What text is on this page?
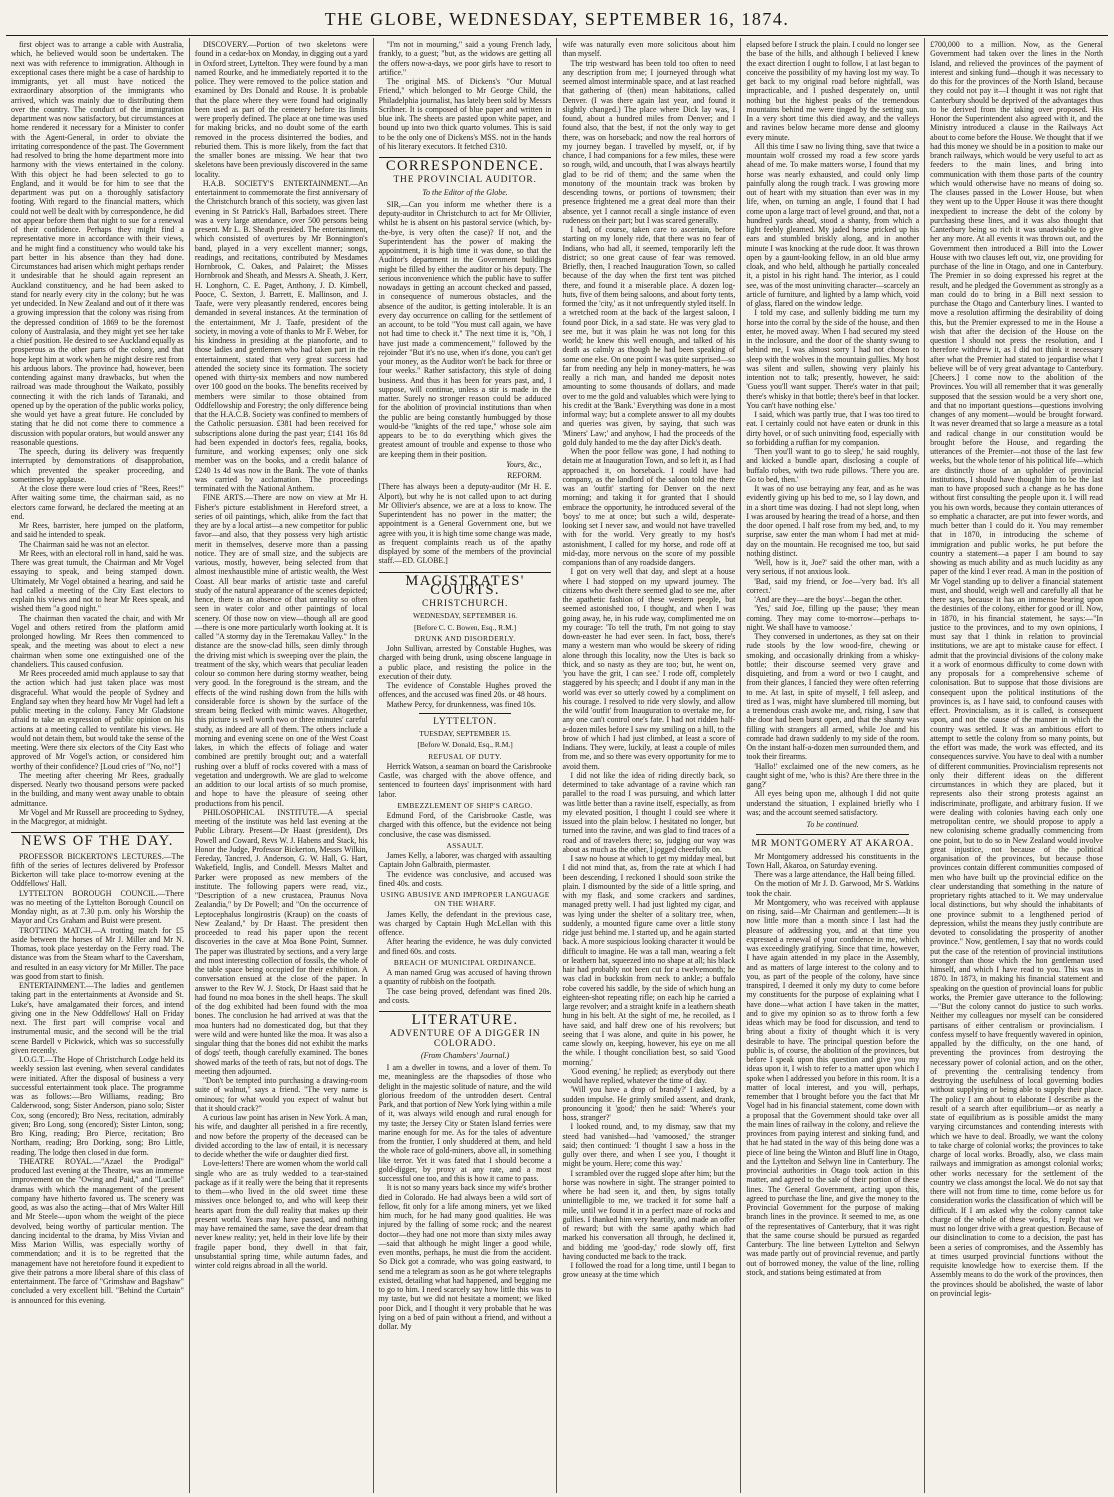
THE GLOBE, WEDNESDAY, SEPTEMBER 16, 1874.

first object was to arrange a cable with Australia, which, he believed would soon be undertaken. The next was with reference to immigration. Although in exceptional cases there might be a case of hardship to immigrants, yet all must have noticed the extraordinary absorption of the immigrants who arrived, which was mainly due to distributing them over the country. The conduct of the immigration department was now satisfactory, but circumstances at home rendered it necessary for a Minister to confer with the Agent-General, in order to obviate the irritating correspondence of the past. The Government had resolved to bring the home department more into harmony with the views entertained in the colony. With this object he had been selected to go to England, and it would be for him to see that the department was put on a thoroughly satisfactory footing. With regard to the financial matters, which could not well be dealt with by correspondence, he did not appear before them that night to sue for a renewal of their confidence. Perhaps they might find a representative more in accordance with their views, and he might find a constituency who would take his part better in his absence than they had done. Circumstances had arisen which might perhaps render it undesirable that he should again represent an Auckland constituency, and he had been asked to stand for nearly every city in the colony; but he was yet undecided. In New Zealand and out of it there was a growing impression that the colony was rising from the depressed condition of 1869 to be the foremost colony of Australasia, and they might yet see her take a chief position. He desired to see Auckland equally as prosperous as the other parts of the colony, and that hope kept him at work when he might desire rest from his arduous labors. The province had, however, been contending against many drawbacks, but when the railroad was made throughout the Waikato, possibly connecting it with the rich lands of Taranaki, and opened up by the operation of the public works policy, she would yet have a great future. He concluded by stating that he did not come there to commence a discussion with popular orators, but would answer any reasonable questions.

The speech, during its delivery was frequently interrupted by demonstrations of disapprobation, which prevented the speaker proceeding, and sometimes by applause.

At the close there were loud cries of "Rees, Rees!" After waiting some time, the chairman said, as no electors came forward, he declared the meeting at an end.

Mr Rees, barrister, here jumped on the platform, and said he intended to speak.

The Chairman said he was not an elector.

Mr Rees, with an electoral roll in hand, said he was. There was great tumult, the Chairman and Mr Vogel essaying to speak, and being stamped down. Ultimately, Mr Vogel obtained a hearing, and said he had called a meeting of the City East electors to explain his views and not to hear Mr Rees speak, and wished them "a good night."

The chairman then vacated the chair, and with Mr Vogel and others retired from the platform amid prolonged howling. Mr Rees then commenced to speak, and the meeting was about to elect a new chairman when some one extinguished one of the chandeliers. This caused confusion.

Mr Rees proceeded amid much applause to say that the action which had just taken place was most disgraceful. What would the people of Sydney and England say when they heard how Mr Vogel had left a public meeting in the colony. Fancy Mr Gladstone afraid to take an expression of public opinion on his actions at a meeting called to ventilate his views. He would not detain them, but would take the sense of the meeting. Were there six electors of the City East who approved of Mr Vogel's action, or considered him worthy of their confidence? [Loud cries of "No, no!"]

The meeting after cheering Mr Rees, gradually dispersed. Nearly two thousand persons were packed in the building, and many went away unable to obtain admittance.

Mr Vogel and Mr Russell are proceeding to Sydney, in the Macgregor, at midnight.

NEWS OF THE DAY.

PROFESSOR BICKERTON'S LECTURES.—The fifth of the series of lectures delivered by Professor Bickerton will take place to-morrow evening at the Oddfellows' Hall.

LYTTELTON BOROUGH COUNCIL.—There was no meeting of the Lyttelton Borough Council on Monday night, as at 7.30 p.m. only his Worship the Mayor and Crs Graham and Buist were present.

TROTTING MATCH.—A trotting match for £5 aside between the horses of Mr J. Miller and Mr N. Thomas, took place yesterday on the Ferry road. The distance was from the Steam wharf to the Caversham, and resulted in an easy victory for Mr Miller. The pace was good from start to finish.

ENTERTAINMENT.—The ladies and gentlemen taking part in the entertainments at Avonside and St. Luke's, have amalgamated their forces, and intend giving one in the New Oddfellows' Hall on Friday next. The first part will comprise vocal and instrumental music, and the second will be the trial scene Bardell v Pickwick, which was so successfully given recently.

I.O.G.T.—The Hope of Christchurch Lodge held its weekly session last evening, when several candidates were initiated. After the disposal of business a very successful entertainment took place. The programme was as follows:—Bro Williams, reading; Bro Calderwood, song; Sister Anderson, piano solo; Sister Cox, song (encored); Bro Ness, recitation, admirably given; Bro Long, song (encored); Sister Linton, song; Bro King, reading; Bro Pierce, recitation; Bro Northam, reading; Bro Dorking, song; Bro Little, reading. The lodge then closed in due form.

THEATRE ROYAL.—"Azael the Prodigal" produced last evening at the Theatre, was an immense improvement on the "Owing and Paid," and "Lucille" dramas with which the management of the present company have hitherto favored us. The scenery was good, as was also the acting—that of Mrs Walter Hill and Mr Steele—upon whom the weight of the piece devolved, being worthy of particular mention. The dancing incidental to the drama, by Miss Vivian and Miss Marion Willis, was especially worthy of commendation; and it is to be regretted that the management have not heretofore found it expedient to give their patrons a more liberal share of this class of entertainment. The farce of "Grimshaw and Bagshaw" concluded a very excellent bill. "Behind the Curtain" is announced for this evening.

DISCOVERY.—Portion of two skeletons were found in a cedar-box on Monday, in digging out a yard in Oxford street, Lyttelton. They were found by a man named Rourke, and he immediately reported it to the police. They were removed to the police station and examined by Drs Donald and Rouse. It is probable that the place where they were found had originally been used as part of the cemetery before its limits were properly defined. The place at one time was used for making bricks, and no doubt some of the earth removed in the process disinterred the bodies, and reburied them. This is more likely, from the fact that the smaller bones are missing. We hear that two skeletons have been previously discovered in the same locality.

H.A.B. SOCIETY'S ENTERTAINMENT.—An entertainment to commemorate the first anniversary of the Christchurch branch of this society, was given last evening in St Patrick's Hall, Barbadoes street. There was a very large attendance, over 500 persons being present. Mr L. B. Sheath presided. The entertainment, which consisted of overtures by Mr Bonnington's band, played in a very excellent manner; songs, readings, and recitations, contributed by Mesdames Hornbrook, C. Oakes, and Palairet; the Misses Hornbrook and Sheath, and Messrs A. Sheath, J. Kerr, H. Longhorn, C. E. Paget, Anthony, J. D. Kimbell, Pooce, C. Sexton, J. Barrett, E. Mallinson, and J. Taafe, were very pleasantly rendered, encores being demanded in several instances. At the termination of the entertainment, Mr J. Taafe, president of the society, in moving a vote of thanks to Mr F. Weber, for his kindness in presiding at the pianoforte, and to those ladies and gentlemen who had taken part in the entertainment, stated that very great success had attended the society since its formation. The society opened with thirty-six members and now numbered over 100 good on the books. The benefits received by members were similar to those obtained from Oddfellowship and Forestry; the only difference being that the H.A.C.B. Society was confined to members of the Catholic persuasion. £381 had been received for subscriptions alone during the past year; £141 16s 8d had been expended in doctor's fees, regalia, books, furniture, and working expenses; only one sick member was on the books, and a credit balance of £240 1s 4d was now in the Bank. The vote of thanks was carried by acclamation. The proceedings terminated with the National Anthem.

FINE ARTS.—There are now on view at Mr H. Fisher's picture establishment in Hereford street, a series of oil paintings, which, alike from the fact that they are by a local artist—a new competitor for public favor—and also, that they possess very high artistic merit in themselves, deserve more than a passing notice. They are of small size, and the subjects are various, mostly, however, being selected from that almost inexhaustible mine of artistic wealth, the West Coast. All bear marks of artistic taste and careful study of the natural appearance of the scenes depicted; hence, there is an absence of that unreality so often seen in water color and other paintings of local scenery. Of those now on view—though all are good—there is one more particularly worth looking at. It is called "A stormy day in the Teremakau Valley." In the distance are the snow-clad hills, seen dimly through the driving mist which is sweeping over the plain, the treatment of the sky, which wears that peculiar leaden colour so common here during stormy weather, being very good. In the foreground is the stream, and the effects of the wind rushing down from the hills with considerable force is shown by the surface of the stream being flecked with mimic waves. Altogether, this picture is well worth two or three minutes' careful study, as indeed are all of them. The others include a morning and evening scene on one of the West Coast lakes, in which the effects of foliage and water combined are prettily brought out; and a waterfall rushing over a bluff of rocks covered with a mass of vegetation and undergrowth. We are glad to welcome an addition to our local artists of so much promise, and hope to have the pleasure of seeing other productions from his pencil.

PHILOSOPHICAL INSTITUTE.—A special meeting of the institute was held last evening at the Public Library. Present—Dr Haast (president), Drs Powell and Coward, Revs W. J. Habens and Stack, his Honor the Judge, Professor Bickerton, Messrs Wilkin, Fereday, Tancred, J. Anderson, G. W. Hall, G. Hart, Wakefield, Inglis, and Condell. Messrs Maltet and Parker were proposed as new members of the institute. The following papers were read, viz., "Description of a new crustacea, Praunus Nova Zealandia," by Dr Powell; and "On the occurrence of Leptocephalus longirostris (Kraup) on the coasts of New Zealand," by Dr Haast. The president then proceeded to read his paper upon the recent discoveries in the cave at Moa Bone Point, Sumner. The paper was illustrated by sections, and a very large and most interesting collection of fossils, the whole of the table space being occupied for their exhibition. A conversation ensued at the close of the paper. In answer to the Rev W. J. Stock, Dr Haast said that he had found no moa bones in the shell heaps. The skull of the dog exhibited had been found with the moa bones. The conclusion he had arrived at was that the moa hunters had no domesticated dog, but that they were wild and were hunted like the moa. It was also a singular thing that the bones did not exhibit the marks of dogs' teeth, though carefully examined. The bones showed marks of the teeth of rats, but not of dogs. The meeting then adjourned.

"Don't be tempted into purchasing a drawing-room suite of walnut," says a friend. "The very name is ominous; for what would you expect of walnut but that it should crack?"

A curious law point has arisen in New York. A man, his wife, and daughter all perished in a fire recently, and now before the property of the deceased can be divided according to the law of entail, it is necessary to decide whether the wife or daughter died first.

Love-letters! There are women whom the world call single who are as truly wedded to a tear-stained package as if it really were the being that it represents to them—who lived in the old sweet time these missives once belonged to, and who will keep their hearts apart from the dull reality that makes up their present world. Years may have passed, and nothing may have remained the same, save the dear dream that never knew reality; yet, held in their love life by their fragile paper bond, they dwell in that fair, unsubstantial spring time, while autumn fades, and winter cold reigns abroad in all the world.

"I'm not in mourning," said a young French lady, frankly, to a guest; "but, as the widows are getting all the offers now-a-days, we poor girls have to resort to artifice."

The original MS. of Dickens's "Our Mutual Friend," which belonged to Mr George Child, the Philadelphia journalist, has lately been sold by Messrs Scribner. It is composed of blue paper and written in blue ink. The sheets are pasted upon white paper, and bound up into two thick quarto volumes. This is said to be the only one of Dickens's MSS. not in the hands of his literary executors. It fetched £310.

CORRESPONDENCE.
THE PROVINCIAL AUDITOR.
To the Editor of the Globe.

SIR,—Can you inform me whether there is a deputy-auditor in Christchurch to act for Mr Ollivier, whilst he is absent on his pastoral service (which, by-the-bye, is very often the case)? If not, and the Superintendent has the power of making the appointment, it is high time it was done, so that the Auditor's department in the Government buildings might be filled by either the auditor or his deputy. The serious inconvenience which the public have to suffer nowadays in getting an account checked and passed, in consequence of numerous obstacles, and the absence of the auditor, is getting intolerable. It is an every day occurrence on calling for the settlement of an account, to be told "You must call again, we have not had time to check it." The next time it is, "Oh, I have just made a commencement," followed by the rejoinder "But it's no use, when it's done, you can't get your money, as the Auditor won't be back for three or four weeks." Rather satisfactory, this style of doing business. And thus it has been for years past, and, I suppose, will continue, unless a stir is made in the matter. Surely no stronger reason could be adduced for the abolition of provincial institutions than when the public are being constantly humbugged by those would-be "knights of the red tape," whose sole aim appears to be to do everything which gives the greatest amount of trouble and expense to those who are keeping them in their position.

Yours, &c.,
REFORM.

[There has always been a deputy-auditor (Mr H. E. Alport), but why he is not called upon to act during Mr Ollivier's absence, we are at a loss to know. The Superintendent has no power in the matter; the appointment is a General Government one, but we agree with you, it is high time some change was made, as frequent complaints reach us of the apathy displayed by some of the members of the provincial staff.—ED. GLOBE.]

MAGISTRATES' COURTS.
CHRISTCHURCH.
WEDNESDAY, SEPTEMBER 16.
[Before C. C. Bowen, Esq., R.M.]
DRUNK AND DISORDERLY.

John Sullivan, arrested by Constable Hughes, was charged with being drunk, using obscene language in a public place, and resisting the police in the execution of their duty.

The evidence of Constable Hughes proved the offences, and the accused was fined 20s. or 48 hours.

Mathew Percy, for drunkenness, was fined 10s.

LYTTELTON.
TUESDAY, SEPTEMBER 15.
[Before W. Donald, Esq., R.M.]
REFUSAL OF DUTY.

Herrick Watson, a seaman on board the Carisbrooke Castle, was charged with the above offence, and sentenced to fourteen days' imprisonment with hard labor.

EMBEZZLEMENT OF SHIP'S CARGO.

Edmund Ford, of the Carisbrooke Castle, was charged with this offence, but the evidence not being conclusive, the case was dismissed.

ASSAULT.

James Kelly, a laborer, was charged with assaulting Captain John Galbraith, piermaster.

The evidence was conclusive, and accused was fined 40s. and costs.

USING ABUSIVE AND IMPROPER LANGUAGE ON THE WHARF.

James Kelly, the defendant in the previous case, was charged by Captain Hugh McLellan with this offence.

After hearing the evidence, he was duly convicted and fined 60s. and costs.

BREACH OF MUNICIPAL ORDINANCE.

A man named Grug was accused of having thrown a quantity of rubbish on the footpath.

The case being proved, defendant was fined 20s. and costs.

LITERATURE.
ADVENTURE OF A DIGGER IN COLORADO.
(From Chambers' Journal.)

I am a dweller in towns, and a lover of them. To me, meaningless are the rhapsodies of those who delight in the majestic solitude of nature, and the wild glorious freedom of the untrodden desert. Central Park, and that portion of New York lying within a mile of it, was always wild enough and rural enough for my taste; the Jersey City or Staten Island ferries were marine enough for me. As for the tales of adventure from the frontier, I only shuddered at them, and held the whole race of gold-miners, above all, in something like terror. Yet it was fated that I should become a gold-digger, by proxy at any rate, and a most successful one too, and this is how it came to pass.

It is not so many years back since my wife's brother died in Colorado. He had always been a wild sort of fellow, fit only for a life among miners, yet we liked him much, for he had many good qualities. He was injured by the falling of some rock; and the nearest doctor—they had one not more than sixty miles away—said that although he might linger a good while, even months, perhaps, he must die from the accident. So Dick got a comrade, who was going eastward, to send me a telegram as soon as he got where telegraphs existed, detailing what had happened, and begging me to go to him. I need scarcely say how little this was to my taste, but we did not hesitate a moment; we liked poor Dick, and I thought it very probable that he was lying on a bed of pain without a friend, and without a dollar. My

wife was naturally even more solicitous about him than myself.

The trip westward has been told too often to need any description from me; I journeyed through what seemed almost interminable space, and at last reached that gathering of (then) mean habitations, called Denver. (I was there again last year, and found it slightly changed.) The place where Dick lay was, I found, about a hundred miles from Denver; and I found also, that the best, if not the only way to get there, was on horseback; and now the real horrors of my journey began. I travelled by myself, or, if by chance, I had companions for a few miles, these were so rough, wild, and uncouth, that I was always heartily glad to be rid of them; and the same when the monotony of the mountain track was broken by descending towns, or portions of townsmen; their presence frightened me a great deal more than their absence, yet I cannot recall a single instance of even rudeness on their part; but I was scared generally.

I had, of course, taken care to ascertain, before starting on my lonely ride, that there was no fear of Indians, who had all, it seemed, temporarily left the district; so one great cause of fear was removed. Briefly, then, I reached Inauguration Town, so called because of the day when the first tent was pitched there, and found it a miserable place. A dozen log-huts, five of them being saloons, and about forty tents, formed the 'city,' as it not unfrequently styled itself. In a wretched room at the back of the largest saloon, I found poor Dick, in a sad state. He was very glad to see me, but it was plain he was not long for this world; he knew this well enough, and talked of his death as calmly as though he had been speaking of some one else. On one point I was quite surprised—so far from needing any help in money-matters, he was really a rich man, and handed me deposit notes amounting to some thousands of dollars, and made over to me the gold and valuables which were lying to his credit at the 'Bank.' Everything was done in a most informal way; but a complete answer to all my doubts and queries was given, by saying, that such was 'Miners' Law;' and anyhow, I had the proceeds of the gold duly handed to me the day after Dick's death.

When the poor fellow was gone, I had nothing to detain me at Inauguration Town, and so left it, as I had approached it, on horseback. I could have had company, as the landlord of the saloon told me there was an 'outfit' starting for Denver on the next morning; and taking it for granted that I should embrace the opportunity, he introduced several of the 'boys' to me at once; but such a wild, desperate-looking set I never saw, and would not have travelled with for the world. Very greatly to my host's astonishment, I called for my horse, and rode off at mid-day, more nervous on the score of my possible companions than of any roadside dangers.

I got on very well that day, and slept at a house where I had stopped on my upward journey. The citizens who dwelt there seemed glad to see me, after the apathetic fashion of these western people, but seemed astonished too, I thought, and when I was going away, he, in his rude way, complimented me on my courage: 'To tell the truth, I'm not going to stay down-easter he had ever seen. In fact, boss, there's many a western man who would be skeery of riding alone through this locality, now the Utes is back so thick, and so nasty as they are too; but, he went on, 'you have the grit, I can see.' I rode off, completely staggered by his speech; and I doubt if any man in the world was ever so utterly cowed by a compliment on his courage. I resolved to ride very slowly, and allow the wild 'outfit' from Inauguration to overtake me, for any one can't control one's fate. I had not ridden half-a-dozen miles before I saw my smiling on a hill, to the brow of which I had just climbed, at least a score of Indians. They were, luckily, at least a couple of miles from me, and so there was every opportunity for me to avoid them.

I did not like the idea of riding directly back, so determined to take advantage of a ravine which ran parallel to the road I was pursuing, and which latter was little better than a ravine itself, especially, as from my elevated position, I thought I could see where it issued into the plain below. I hesitated no longer, but turned into the ravine, and was glad to find traces of a road and of travelers there; so, judging our way was about as much as the other, I jogged cheerfully on.

I saw no house at which to get my midday meal, but I did not mind that, as, from the rate at which I had been descending, I reckoned I should soon strike the plain. I dismounted by the side of a little spring, and with my flask, and some crackers and sardines, managed pretty well. I had just lighted my cigar, and was lying under the shelter of a solitary tree, when, suddenly, a mounted figure came over a little stony ridge just behind me. I started up, and he again started back. A more suspicious looking character it would be difficult to imagine. He was a tall man, wearing a felt or leathern hat, squeezed into no shape at all; his black hair had probably not been cut for a twelvemonth; he was clad in buckskin from neck to ankle; a buffalo robe covered his saddle, by the side of which hung an eighteen-shot repeating rifle; on each hip he carried a large revolver; and a straight knife in a leathern sheath hung in his belt. At the sight of me, he recoiled, as I have said, and half drew one of his revolvers; but seeing that I was alone, and quite in his power, he came slowly on, keeping, however, his eye on me all the while. I thought conciliation best, so said 'Good morning.'

'Good evening,' he replied; as everybody out there would have replied, whatever the time of day.

'Will you have a drop of brandy?' I asked, by a sudden impulse. He grimly smiled assent, and drank, pronouncing it 'good;' then he said: 'Where's your hoss, stranger?'

I looked round, and, to my dismay, saw that my steed had vanished—had 'vamoosed,' the stranger said; then continued: 'I thought I saw a hoss in the gully over there, and when I see you, I thought it might be yourn. Here; come this way.'

I scrambled over the rugged slope after him; but the horse was nowhere in sight. The stranger pointed to where he had seen it, and then, by signs totally unintelligible to me, we tracked it for some half a mile, until we found it in a perfect maze of rocks and gullies. I thanked him very heartily, and made an offer of reward; but with the same apathy which had marked his conversation all through, he declined it, and bidding me 'good-day,' rode slowly off, first having conducted me back to the track.

I followed the road for a long time, until I began to grow uneasy at the time which

elapsed before I struck the plain. I could no longer see the base of the hills, and although I believed I knew the exact direction I ought to follow, I at last began to conceive the possibility of my having lost my way. To get back to my original road before nightfall, was impracticable, and I pushed desperately on, until nothing but the highest peaks of the tremendous mountains behind me were tinged by the setting sun. In a very short time this died away, and the valleys and ravines below became more dense and gloomy every minute.

All this time I saw no living thing, save that twice a mountain wolf crossed my road a few score yards ahead of me. To make matters worse, I found that my horse was nearly exhausted, and could only limp painfully along the rough track. I was growing more out of heart with my situation than ever was in my life, when, on turning an angle, I found that I had come upon a large tract of level ground, and that, not a hundred yards ahead, stood a shanty, from which a light feebly gleamed. My jaded horse pricked up his ears and stumbled briskly along, and in another minute I was knocking at the rude door. It was thrown open by a gaunt-looking fellow, in an old blue army cloak, and who held, although he partially concealed it, a pistol in his right hand. The interior, as I could see, was of the most uninviting character—scarcely an article of furniture, and lighted by a lamp which, void of glass, flared on the window ledge.

I told my case, and sullenly bidding me turn my horse into the corral by the side of the house, and then enter, he moved away. When I had secured my steed in the inclosure, and the door of the shanty swung to behind me, I was almost sorry I had not chosen to sleep with the wolves in the mountain gullies. My host was silent and sullen, showing very plainly his intention not to talk; presently, however, he said: 'Guess you'll want supper. There's water in that pail; there's whisky in that bottle; there's beef in that locker. You can't have nothing else.'

I said, which was partly true, that I was too tired to eat. I certainly could not have eaten or drunk in this dirty hovel, or of such uninviting food, especially with so forbidding a ruffian for my companion.

'Then you'll want to go to sleep,' he said roughly, and kicked a bundle apart, disclosing a couple of buffalo robes, with two rude pillows. 'There you are. Go to bed, then.'

It was of no use betraying any fear, and as he was evidently giving up his bed to me, so I lay down, and in a short time was dozing. I had not slept long, when I was aroused by hearing the tread of a horse, and then the door opened. I half rose from my bed, and, to my surprise, saw enter the man whom I had met at mid-day on the mountain. He recognised me too, but said nothing distinct.

'Well, how is it, Joe?' said the other man, with a very serious, if not anxious look.

'Bad, said my friend, or Joe—'very bad. It's all correct.'

'And are they—are the boys'—began the other.

'Yes,' said Joe, filling up the pause; 'they mean coming. They may come to-morrow—perhaps to-night. We shall have to vamoose.'

They conversed in undertones, as they sat on their rude stools by the low wood-fire, chewing or smoking, and occasionally drinking from a whisky-bottle; their discourse seemed very grave and disquieting, and from a word or two I caught, and from their glances, I fancied they were often referring to me. At last, in spite of myself, I fell asleep, and tired as I was, might have slumbered till morning, but a tremendous crash awoke me, and, rising, I saw that the door had been burst open, and that the shanty was filling with strangers all armed, while Joe and his comrade had drawn suddenly to my side of the room. On the instant half-a-dozen men surrounded them, and took their firearms.

'Hallo!' exclaimed one of the new comers, as he caught sight of me, 'who is this? Are there three in the gang?'

All eyes being upon me, although I did not quite understand the situation, I explained briefly who I was; and the account seemed satisfactory.

To be continued.
MR MONTGOMERY AT AKAROA.

Mr Montgomery addressed his constituents in the Town Hall, Akaroa, on Saturday evening.

There was a large attendance, the Hall being filled.

On the motion of Mr J. D. Garwood, Mr S. Watkins took the chair.

Mr Montgomery, who was received with applause on rising, said—Mr Chairman and gentlemen:—It is now little more than a month since I last had the pleasure of addressing you, and at that time you expressed a renewal of your confidence in me, which was exceedingly gratifying. Since that time, however, I have again attended in my place in the Assembly, and as matters of large interest to the colony and to you, as part of the people of the colony, have since transpired, I deemed it only my duty to come before my constituents for the purpose of explaining what I have done—what action I have taken in the matter, and to give my opinion so as to throw forth a few ideas which may be food for discussion, and tend to bring about a fixity of thought which it is very desirable to have. The principal question before the public is, of course, the abolition of the provinces, but before I speak upon this question and give you my ideas upon it, I wish to refer to a matter upon which I spoke when I addressed you before in this room. It is a matter of local interest, and you will, perhaps, remember that I brought before you the fact that Mr Vogel had in his financial statement, come down with a proposal that the Government should take over all the main lines of railway in the colony, and relieve the provinces from paying interest and sinking fund, and that he had stated in the way of this being done was a piece of line being the Winton and Bluff line in Otago, and the Lyttelton and Selwyn line in Canterbury. The provincial authorities in Otago took action in this matter, and agreed to the sale of their portion of these lines. The General Government, acting upon this, agreed to purchase the line, and give the money to the Provincial Government for the purpose of making branch lines in the province. It seemed to me, as one of the representatives of Canterbury, that it was right that the same course should be pursued as regarded Canterbury. The line between Lyttelton and Selwyn was made partly out of provincial revenue, and partly out of borrowed money, the value of the line, rolling stock, and stations being estimated at from

£700,000 to a million. Now, as the General Government had taken over the lines in the North Island, and relieved the provinces of the payment of interest and sinking fund—though it was necessary to do this for the provinces of the North Island, because they could not pay it—I thought it was not right that Canterbury should be deprived of the advantages thus to be derived from the taking over proposed. His Honor the Superintendent also agreed with it, and the Ministry introduced a clause in the Railways Act about to come before the House. We thought that if we had this money we should be in a position to make our branch railways, which would be very useful to act as feeders to the main lines, and bring into communication with them those parts of the country which would otherwise have no means of doing so. The clauses passed in the Lower House, but when they went up to the Upper House it was there thought inexpedient to increase the debt of the colony by purchasing these lines, and it was also thought that Canterbury being so rich it was unadvisable to give her any more. At all events it was thrown out, and the Government then introduced a Bill into the Lower House with two clauses left out, viz, one providing for purchase of the line in Otago, and one in Canterbury. The Premier in so doing expressed his regret at the result, and he pledged the Government as strongly as a man could do to bring in a Bill next session to purchase the Otago and Canterbury lines. I wanted to move a resolution affirming the desirability of doing this, but the Premier expressed to me in the House a wish that after the decision of the House on the question I should not press the resolution, and I therefore withdrew it, as I did not think it necessary after what the Premier had stated to jeopardise what I believe will be of very great advantage to Canterbury. [Cheers.] I come now to the abolition of the Provinces. You will all remember that it was generally supposed that the session would be a very short one, and that no important questions—questions involving changes of any moment—would be brought forward. It was never dreamed that so large a measure as a total and radical change in our constitution would be brought before the House, and regarding the utterances of the Premier—not those of the last few weeks, but the whole tenor of his political life—which are distinctly those of an upholder of provincial institutions, I should have thought him to be the last man to have proposed such a change as he has done without first consulting the people upon it. I will read you his own words, because they contain utterances of so emphatic a character, are put into fewer words, and much better than I could do it. You may remember that in 1870, in introducing the scheme of immigration and public works, he put before the country a statement—a paper I am bound to say showing as much ability and as much lucidity as any paper of the kind I ever read. A man in the position of Mr Vogel standing up to deliver a financial statement must, and should, weigh well and carefully all that he there says, because it has an immense bearing upon the destinies of the colony, either for good or ill. Now, in 1870, in his financial statement, he says:—"In justice to the provinces, and to my own opinions, I must say that I think in relation to provincial institutions, we are apt to mistake cause for effect. I admit that the provincial divisions of the colony make it a work of enormous difficulty to come down with any proposals for a comprehensive scheme of colonisation. But to suppose that those divisions are consequent upon the political institutions of the provinces is, as I have said, to confound causes with effect. Provincialism, as it is called, is consequent upon, and not the cause of the manner in which the country was settled. It was an ambitious effort to attempt to settle the colony from so many points, but the effort was made, the work was effected, and its consequences survive. You have to deal with a number of different communities. Provincialism represents not only their different ideas on the different circumstances in which they are placed, but it represents also their strong protests against an indiscriminate, profligate, and arbitrary fusion. If we were dealing with colonies having each only one metropolitan centre, we should propose to apply a new colonising scheme gradually commencing from one point, but to do so in New Zealand would involve great injustice, not because of the political organisation of the provinces, but because those provinces contain different communities composed of men who have built up the provincial edifice on the clear understanding that something in the nature of proprietary rights attached to it. We may undervalue local distinctions, but why should the inhabitants of one province submit to a lengthened period of depression, whilst the means they justly contribute are devoted to consolidating the prosperity of another province." Now, gentlemen, I say that no words could put the case of the retention of provincial institutions stronger than those which the hon gentleman used himself, and which I have read to you. This was in 1870. In 1873, in making his financial statement and speaking on the question of provincial loans for public works, the Premier gave utterance to the following:—"But the colony cannot do justice to such works. Neither my colleagues nor myself can be considered partisans of either centralism or provincialism. I confess myself to have frequently wavered in opinion, appalled by the difficulty, on the one hand, of preventing the provinces from destroying the necessary power of colonial action, and on the other, of preventing the centralising tendency from destroying the usefulness of local governing bodies without supplying or being able to supply their place. The policy I am about to elaborate I describe as the result of a search after equilibrium—or as nearly a state of equilibrium as is possible amidst the many varying circumstances and contending interests with which we have to deal. Broadly, we want the colony to take charge of colonial works; the provinces to take charge of local works. Broadly, also, we class main railways and immigration as amongst colonial works; other works necessary for the settlement of the country we class amongst the local. We do not say that there will not from time to time, come before us for consideration works the classification of which will be difficult. If I am asked why the colony cannot take charge of the whole of these works, I reply that we must no longer drive with a great question. Because of our disinclination to come to a decision, the past has been a series of compromises, and the Assembly has at times usurped provincial functions without the requisite knowledge how to exercise them. If the Assembly means to do the work of the provinces, then the provinces should be abolished, the waste of labor on provincial legis-
